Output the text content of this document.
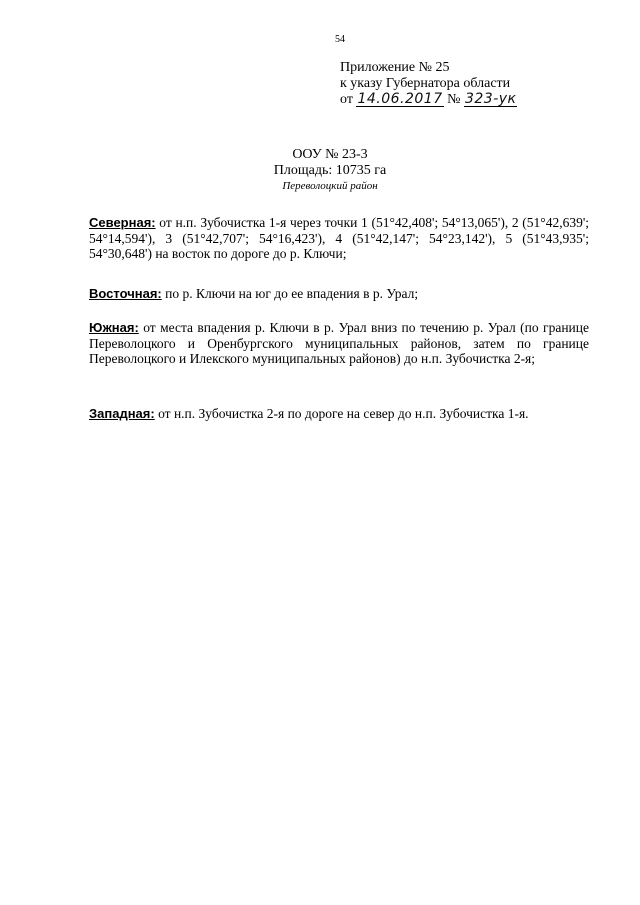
54
Приложение № 25
к указу Губернатора области
от 14.06.2017 № 323-ук
ООУ № 23-3
Площадь: 10735 га
Переволоцкий район
Северная: от н.п. Зубочистка 1-я через точки 1 (51°42,408'; 54°13,065'), 2 (51°42,639'; 54°14,594'), 3 (51°42,707'; 54°16,423'), 4 (51°42,147'; 54°23,142'), 5 (51°43,935'; 54°30,648') на восток по дороге до р. Ключи;
Восточная: по р. Ключи на юг до ее впадения в р. Урал;
Южная: от места впадения р. Ключи в р. Урал вниз по течению р. Урал (по границе Переволоцкого и Оренбургского муниципальных районов, затем по границе Переволоцкого и Илекского муниципальных районов) до н.п. Зубочистка 2-я;
Западная: от н.п. Зубочистка 2-я по дороге на север до н.п. Зубочистка 1-я.
